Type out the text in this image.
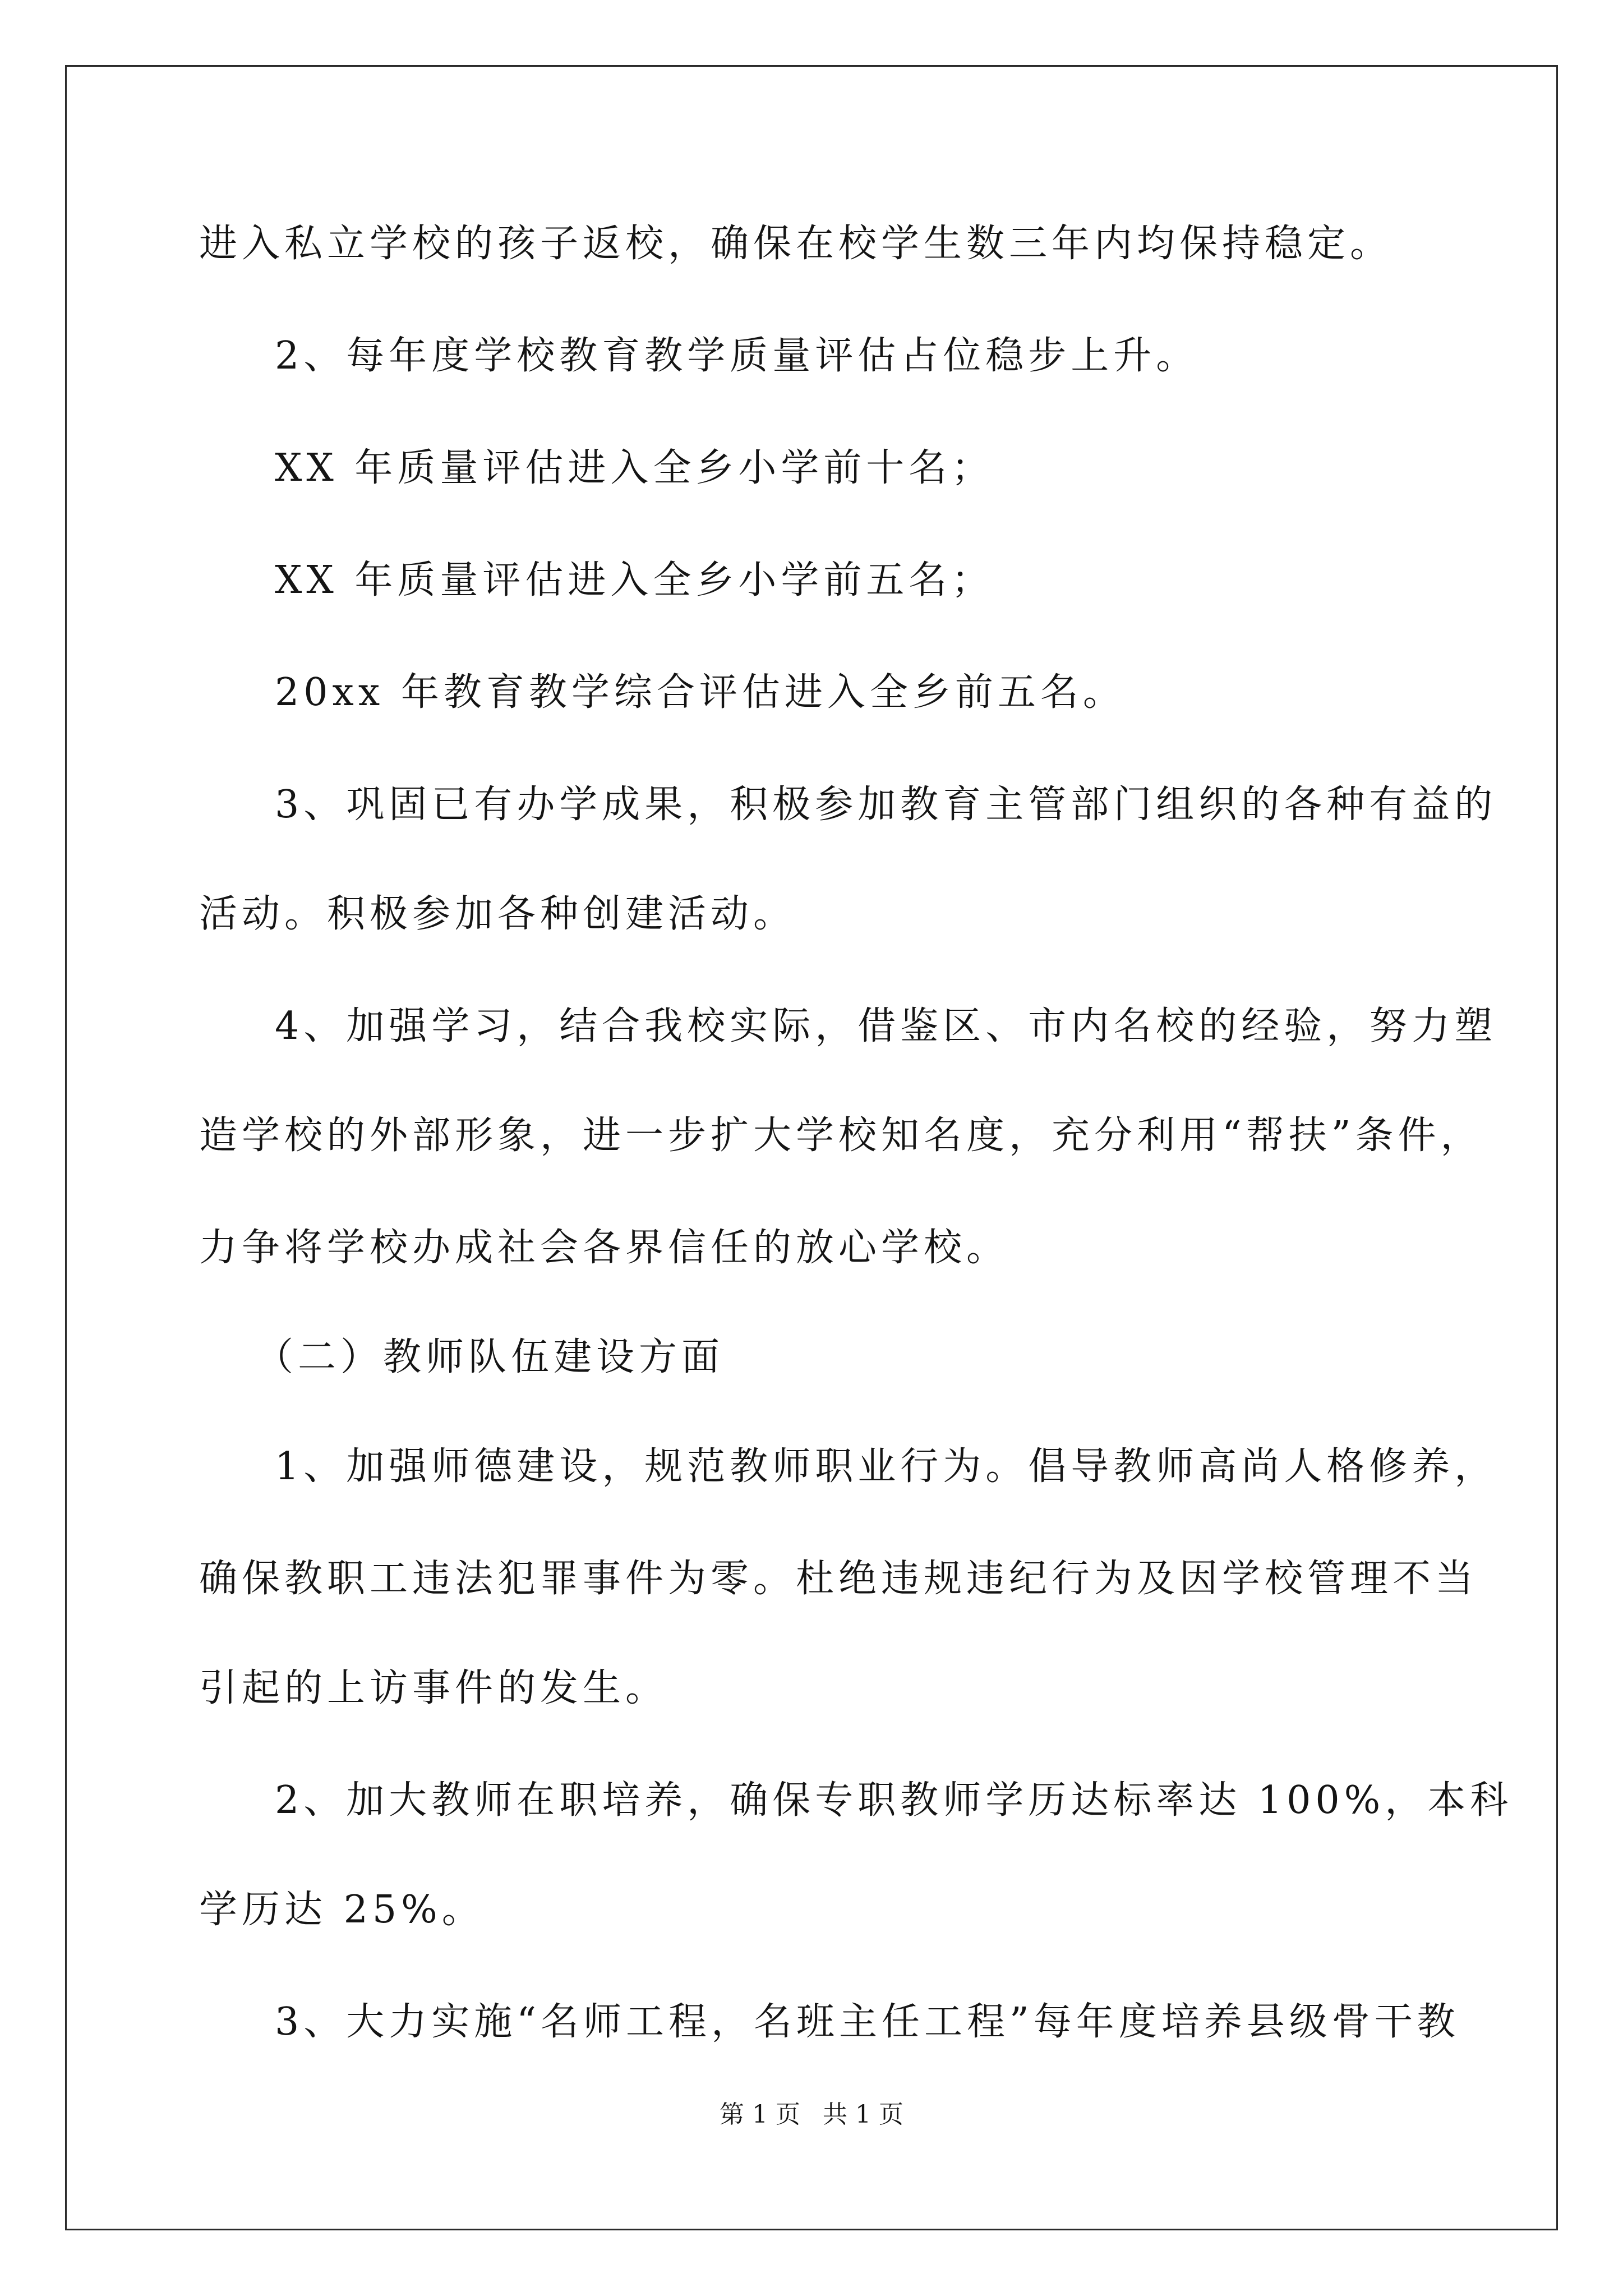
进入私立学校的孩子返校，确保在校学生数三年内均保持稳定。
2、每年度学校教育教学质量评估占位稳步上升。
XX 年质量评估进入全乡小学前十名；
XX 年质量评估进入全乡小学前五名；
20xx 年教育教学综合评估进入全乡前五名。
3、巩固已有办学成果，积极参加教育主管部门组织的各种有益的
活动。积极参加各种创建活动。
4、加强学习，结合我校实际，借鉴区、市内名校的经验，努力塑
造学校的外部形象，进一步扩大学校知名度，充分利用“帮扶”条件，
力争将学校办成社会各界信任的放心学校。
（二）教师队伍建设方面
1、加强师德建设，规范教师职业行为。倡导教师高尚人格修养，
确保教职工违法犯罪事件为零。杜绝违规违纪行为及因学校管理不当
引起的上访事件的发生。
2、加大教师在职培养，确保专职教师学历达标率达 100%，本科
学历达 25%。
3、大力实施“名师工程，名班主任工程”每年度培养县级骨干教
第 1 页 共 1 页
